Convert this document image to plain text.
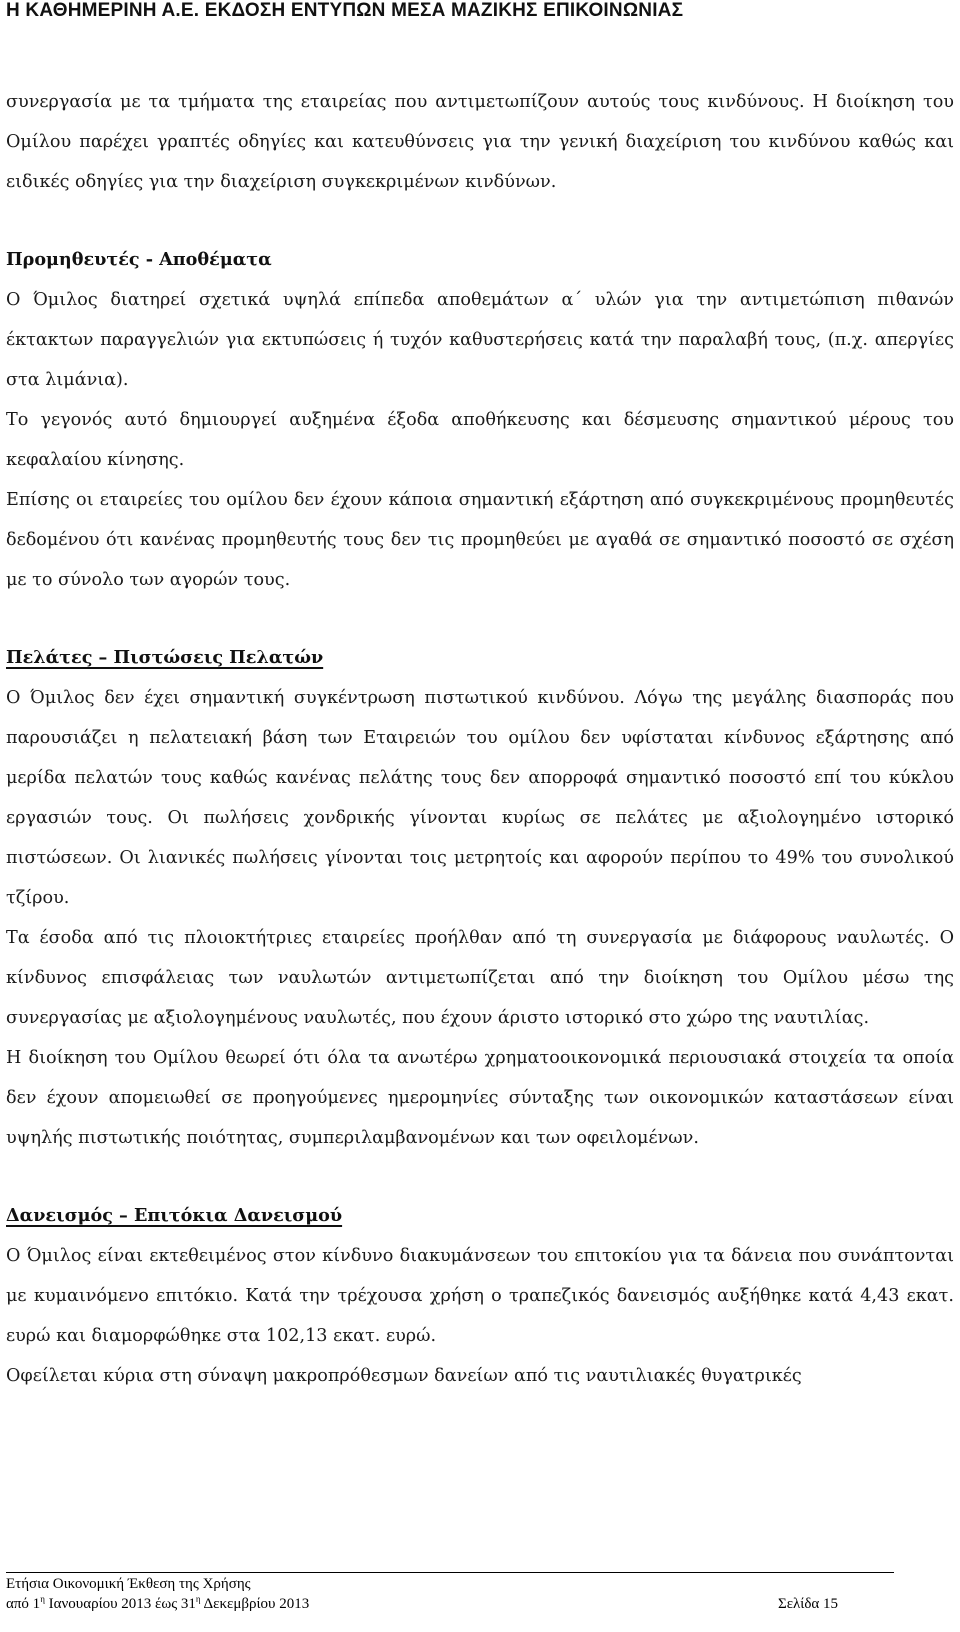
Η ΚΑΘΗΜΕΡΙΝΗ Α.Ε. ΕΚΔΟΣΗ ΕΝΤΥΠΩΝ ΜΕΣΑ ΜΑΖΙΚΗΣ ΕΠΙΚΟΙΝΩΝΙΑΣ

συνεργασία με τα τμήματα της εταιρείας που αντιμετωπίζουν αυτούς τους κινδύνους. Η διοίκηση του Ομίλου παρέχει γραπτές οδηγίες και κατευθύνσεις για την γενική διαχείριση του κινδύνου καθώς και ειδικές οδηγίες για την διαχείριση συγκεκριμένων κινδύνων.

Προμηθευτές - Αποθέματα

Ο Όμιλος διατηρεί σχετικά υψηλά επίπεδα αποθεμάτων α΄ υλών για την αντιμετώπιση πιθανών έκτακτων παραγγελιών για εκτυπώσεις ή τυχόν καθυστερήσεις κατά την παραλαβή τους, (π.χ. απεργίες στα λιμάνια).

Το γεγονός αυτό δημιουργεί αυξημένα έξοδα αποθήκευσης και δέσμευσης σημαντικού μέρους του κεφαλαίου κίνησης.

Επίσης οι εταιρείες του ομίλου δεν έχουν κάποια σημαντική εξάρτηση από συγκεκριμένους προμηθευτές δεδομένου ότι κανένας προμηθευτής τους δεν τις προμηθεύει με αγαθά σε σημαντικό ποσοστό σε σχέση με το σύνολο των αγορών τους.

Πελάτες – Πιστώσεις Πελατών

Ο Όμιλος δεν έχει σημαντική συγκέντρωση πιστωτικού κινδύνου. Λόγω της μεγάλης διασποράς που παρουσιάζει η πελατειακή βάση των Εταιρειών του ομίλου δεν υφίσταται κίνδυνος εξάρτησης από μερίδα πελατών τους καθώς κανένας πελάτης τους δεν απορροφά σημαντικό ποσοστό επί του κύκλου εργασιών τους. Οι πωλήσεις χονδρικής γίνονται κυρίως σε πελάτες με αξιολογημένο ιστορικό πιστώσεων. Οι λιανικές πωλήσεις γίνονται τοις μετρητοίς και αφορούν περίπου το 49% του συνολικού τζίρου.

Τα έσοδα από τις πλοιοκτήτριες εταιρείες προήλθαν από τη συνεργασία με διάφορους ναυλωτές. Ο κίνδυνος επισφάλειας των ναυλωτών αντιμετωπίζεται από την διοίκηση του Ομίλου μέσω της συνεργασίας με αξιολογημένους ναυλωτές, που έχουν άριστο ιστορικό στο χώρο της ναυτιλίας.

Η διοίκηση του Ομίλου θεωρεί ότι όλα τα ανωτέρω χρηματοοικονομικά περιουσιακά στοιχεία τα οποία δεν έχουν απομειωθεί σε προηγούμενες ημερομηνίες σύνταξης των οικονομικών καταστάσεων είναι υψηλής πιστωτικής ποιότητας, συμπεριλαμβανομένων και των οφειλομένων.

Δανεισμός – Επιτόκια Δανεισμού

Ο Όμιλος είναι εκτεθειμένος στον κίνδυνο διακυμάνσεων του επιτοκίου για τα δάνεια που συνάπτονται με κυμαινόμενο επιτόκιο. Κατά την τρέχουσα χρήση ο τραπεζικός δανεισμός αυξήθηκε κατά 4,43 εκατ. ευρώ και διαμορφώθηκε στα 102,13 εκατ. ευρώ.

Οφείλεται κύρια στη σύναψη μακροπρόθεσμων δανείων από τις ναυτιλιακές θυγατρικές

Ετήσια Οικονομική Έκθεση της Χρήσης
από $1^\eta$ Ιανουαρίου 2013 έως $31^\eta$ Δεκεμβρίου 2013	Σελίδα 15
